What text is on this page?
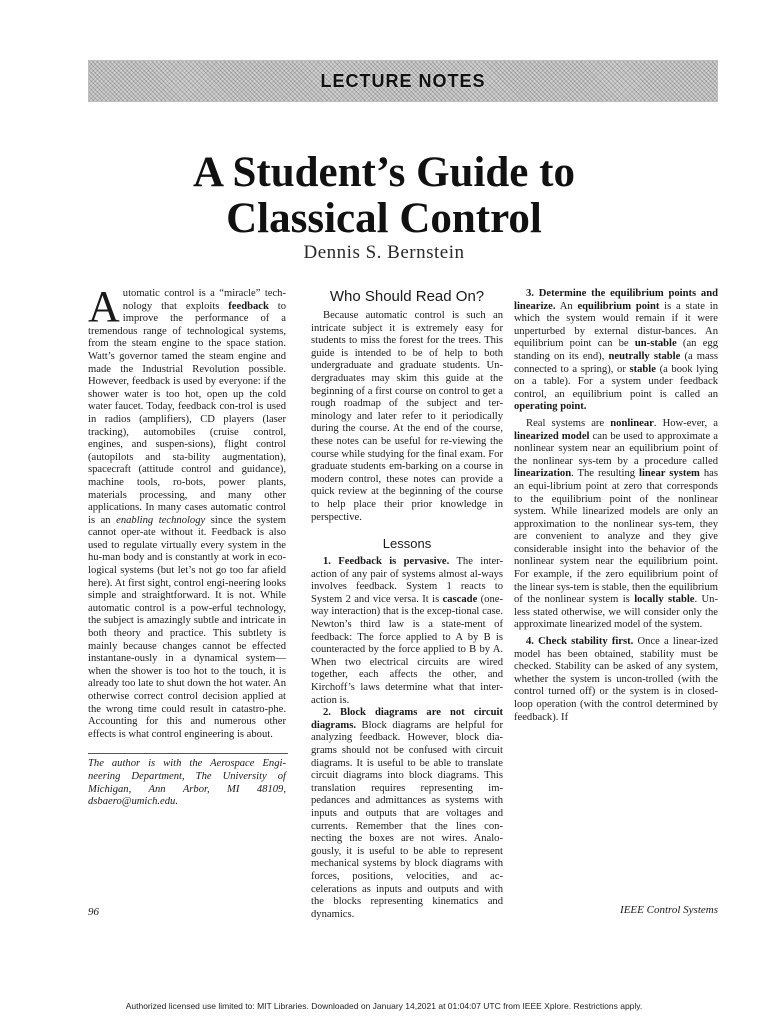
LECTURE NOTES
A Student’s Guide to
Classical Control
Dennis S. Bernstein

Automatic control is a “miracle” tech-nology that exploits feedback to improve the performance of a tremendous range of technological systems, from the steam engine to the space station. Watt’s governor tamed the steam engine and made the Industrial Revolution possible. However, feedback is used by everyone: if the shower water is too hot, open up the cold water faucet. Today, feedback con-trol is used in radios (amplifiers), CD players (laser tracking), automobiles (cruise control, engines, and suspen-sions), flight control (autopilots and sta-bility augmentation), spacecraft (attitude control and guidance), machine tools, ro-bots, power plants, materials processing, and many other applications. In many cases automatic control is an enabling technology since the system cannot oper-ate without it. Feedback is also used to regulate virtually every system in the hu-man body and is constantly at work in eco-logical systems (but let’s not go too far afield here). At first sight, control engi-neering looks simple and straightforward. It is not. While automatic control is a pow-erful technology, the subject is amazingly subtle and intricate in both theory and practice. This subtlety is mainly because changes cannot be effected instantane-ously in a dynamical system—when the shower is too hot to the touch, it is already too late to shut down the hot water. An otherwise correct control decision applied at the wrong time could result in catastro-phe. Accounting for this and numerous other effects is what control engineering is about.

The author is with the Aerospace Engi-neering Department, The University of Michigan, Ann Arbor, MI 48109, dsbaero@umich.edu.

Who Should Read On?

Because automatic control is such an intricate subject it is extremely easy for students to miss the forest for the trees. This guide is intended to be of help to both undergraduate and graduate students. Un-dergraduates may skim this guide at the beginning of a first course on control to get a rough roadmap of the subject and ter-minology and later refer to it periodically during the course. At the end of the course, these notes can be useful for re-viewing the course while studying for the final exam. For graduate students em-barking on a course in modern control, these notes can provide a quick review at the beginning of the course to help place their prior knowledge in perspective.

Lessons

1. Feedback is pervasive. The inter-action of any pair of systems almost al-ways involves feedback. System 1 reacts to System 2 and vice versa. It is cascade (one-way interaction) that is the excep-tional case. Newton’s third law is a state-ment of feedback: The force applied to A by B is counteracted by the force applied to B by A. When two electrical circuits are wired together, each affects the other, and Kirchoff’s laws determine what that inter-action is.

2. Block diagrams are not circuit diagrams. Block diagrams are helpful for analyzing feedback. However, block dia-grams should not be confused with circuit diagrams. It is useful to be able to translate circuit diagrams into block diagrams. This translation requires representing im-pedances and admittances as systems with inputs and outputs that are voltages and currents. Remember that the lines con-necting the boxes are not wires. Analo-gously, it is useful to be able to represent mechanical systems by block diagrams with forces, positions, velocities, and ac-celerations as inputs and outputs and with the blocks representing kinematics and dynamics.

3. Determine the equilibrium points and linearize. An equilibrium point is a state in which the system would remain if it were unperturbed by external distur-bances. An equilibrium point can be un-stable (an egg standing on its end), neutrally stable (a mass connected to a spring), or stable (a book lying on a table). For a system under feedback control, an equilibrium point is called an operating point.

Real systems are nonlinear. How-ever, a linearized model can be used to approximate a nonlinear system near an equilibrium point of the nonlinear sys-tem by a procedure called linearization. The resulting linear system has an equi-librium point at zero that corresponds to the equilibrium point of the nonlinear system. While linearized models are only an approximation to the nonlinear sys-tem, they are convenient to analyze and they give considerable insight into the behavior of the nonlinear system near the equilibrium point. For example, if the zero equilibrium point of the linear sys-tem is stable, then the equilibrium of the nonlinear system is locally stable. Un-less stated otherwise, we will consider only the approximate linearized model of the system.

4. Check stability first. Once a linear-ized model has been obtained, stability must be checked. Stability can be asked of any system, whether the system is uncon-trolled (with the control turned off) or the system is in closed-loop operation (with the control determined by feedback). If

96	IEEE Control Systems
Authorized licensed use limited to: MIT Libraries. Downloaded on January 14,2021 at 01:04:07 UTC from IEEE Xplore. Restrictions apply.
